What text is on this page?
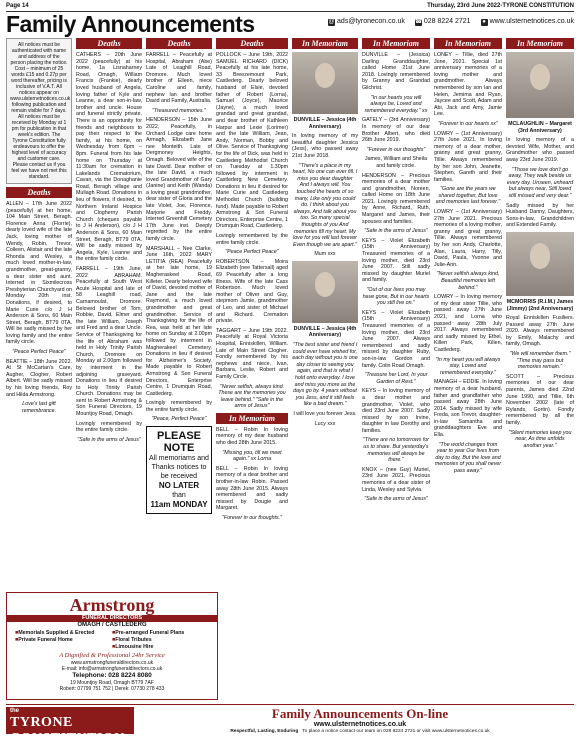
Page 14	Thursday, 23rd June 2022-TYRONE CONSTITUTION
Family Announcements	@ ads@tyronecon.co.uk ☎ 028 8224 2721 ● www.ulsternetnotices.co.uk
All notices must be authenticated with name and address of the person placing the notice. Cost – minimum of 25 words £15 and 0.27p per word thereafter, pricing is inclusive of V.A.T. All notices appear on www.ulsternetnotices.co.uk following publication and remain visible for 7 days. All notices must be received by Monday at 1 pm for publication in that week's edition. The Tyrone Constitution fully endeavours to offer the highest level of accuracy and customer care. Please contact us if you feel we have not met this standard.
Deaths

ALLEN – 17th June 2022 (peacefully) at her home, 104 Main Street, Beragh. Florence Anna (Florrie), dearly loved wife of the late Jack, loving mother of Wendy, Robin, Trevor, Colleen, Alistair and the late Rhonda and Wesley, a much loved mother-in-law, grandmother, great-granny, a dear sister and aunt. Interred in Sixmilecross Presbyterian Churchyard on Monday 20th inst. Donations, if desired, to Marie Curie c/o J H Anderson & Sons, 60 Main Street, Beragh, BT79 0TA. Will be sadly missed by her loving family and the entire family circle.

"Peace Perfect Peace"

BEATTIE – 18th June 2022. At St McCartan's Care, Augher, Clogher, Robert Albert. Will be sadly missed by his loving friends, Roy and Hilda Armstrong.

Love's last gift remembrance.

Deaths

CATHERS – 20th June 2022 (peacefully) at his home, 1a Lisnaharney Road, Omagh, William Francis (Frankie), dearly loved husband of Angela, loving father of Kyle and Leanne, a dear son-in-law, brother and uncle. House and funeral strictly private. There is an opportunity for friends and neighbours to pay their respect to the family, at his home, on Wednesday from 6pm – 8pm. Funeral from his late home on Thursday at 11:30am for cremation in Lakelands Crematorium, Cavan, via the Donaghanie Road, Beragh village and Mullagh Road. Donations in lieu of flowers, if desired, to Northern Ireland Hospice and Clogherny Parish Church (cheques payable to J H Anderson), c/o J H Anderson & Sons, 60 Main Street, Beragh, BT79 0TA. Will be sadly missed by Angela, Kyle, Leanne and the entire family circle.

FARRELL – 19th June, 2022 ABRAHAM. Peacefully at South West Acute Hospital and late of 58 Leaghill road, Carnamoulat, Dromore. Beloved brother of Tom, Robbie, David, Elmer and the late William, Joseph and Fred and a dear Uncle. Service of Thanksgiving for the life of Abraham was held in Holy Trinity Parish Church, Dromore on Monday at 2.00pm followed by interment in the adjoining graveyard. Donations in lieu if desired to Holy Trinity Parish Church. Donations may be sent to Robert Armstrong & Son Funeral Directors, 19 Mountjoy Road, Omagh.

Lovingly remembered by the entire family circle.

"Safe in the arms of Jesus"

Deaths

FARRELL – Peacefully at Hospital, Abraham (Abe) Late of Leaghill Road, Dromore. Much loved brother of Eileen, niece Caroline and family, nephew Ian and brother David and Family, Australia.

"Treasured memories."

HENDERSON – 15th June 2022, Peacefully, in Orchard Lodge care home Armagh, Elizabeth Jane nee Monteith. Late of Dergmoney Heights, Omagh. Beloved wife of the late David. Dear mother of the late David, a much loved Grandmother of Gary (Janine) and Keith (Wanda) a loving great grandmother, dear sister of Gloria and the late Violet, Joe, Florence, Marjorie and Freddy. Interred Greenhill Cemetery 17th June inst. Deeply regretted by the entire family circle.

MARSHALL – Nee Clarke, June 16th, 2022 MARY LETITIA (REA) Peacefully at her late home, 19 Magheraskeel Road, Killeter. Dearly beloved wife of David, devoted mother of Jane and the late Raymond, a much loved grandmother and great grandmother. Service of Thanksgiving for the life of Rea, was held at her late home on Sunday at 2.00pm followed by interment in Magherakeel Cemetery. Donations in lieu if desired for Alzheimer's Society. Made payable to Robert Armstrong & Son Funeral Directors, Enterprise Centre, 1 Drumquin Road, Castlederg.

Lovingly remembered by the entire family circle.

"Peace, Perfect Peace"

PLEASE NOTE
All memoriams and Thanks notices to be received
NO LATER
than
11am MONDAY
Deaths

POLLOCK – June 19th, 2022 SAMUEL RICHARD (DICK) Peacefully at his late home, 33 Breezemount Park, Castlederg. Dearly beloved husband of Elsie, devoted father of Robert (Lorna), Samuel (Joyce), Maurice (Jayne), a much loved grandad and great grandad, and dear brother of Kathleen Harpur and Lexie (Lorimer) and the late William, Jean, Andy, Norman, Bobby and Olive. Service of Thanksgiving for the life of Dick, was held in Castlederg Methodist Church on Tuesday at 1.30pm followed by interment in Castlederg New Cemetery. Donations in lieu if desired for Marie Curie and Castlederg Methodist Church (building fund). Made payable to Robert Armstrong & Son Funeral Directors, Enterprise Centre, 1 Drumquin Road, Castlederg.

Lovingly remembered by the entire family circle.

"Peace Perfect Peace"

ROBERTSON – Moira Elizabeth (nee Tattersall) aged 69 Peacefully after a long illness. Wife of the late Cass Robertson. Much loved mother of Oliver and Guy, stepmom Jamie, grandmother of Leo, and sister of Michael and Richard. Cremation private.

TAGGART – June 19th 2022. Peacefully at Royal Victoria Hospital, Enniskillen, William. Late of Main Street Clogher. Fondly remembered by his nephews and niece, Ivan, Barbara, Leslie, Robert and Family Circle.

"Never selfish, always kind. These are the memories you leave behind." "Safe in the arms of Jesus"

In Memoriam

BELL – Robin In loving memory of my dear husband who died 28th June 2015.

"Missing you, till we meet again." xx Lorna

BELL – Robin In loving memory of a dear brother and brother-in-law Robin. Passed away 28th June 2015. Always remembered and sadly missed by Dougie and Margaret.

"Forever in our thoughts."

In Memoriam

DUNVILLE – Jessica (4th Anniversary)

In loving memory of my beautiful daughter Jessica (Jess), who passed away 21st June 2018.

"There's a place in my heart, No one can ever fill. I miss you dear daughter And I always will. You touched the hearts of so many, Like only you could do. I think about you always, And talk about you too. So many special thoughts of you And memories fill my heart. My love for you will last forever Even though we are apart."

Mum xxx

DUNVILLE – Jessica (4th Anniversary)

"The best sister and friend I could ever have wished for, each day without you is one day closer to seeing you again, and that is what I hold onto everyday. I love and miss you more as the days go by. 4 years without you Jess, and it still feels like a bad dream."

I will love you forever Jess.

Lucy xxx

In Memoriam

DUNVILLE – (Jessica) Darling Granddaughter, called Home 21st June 2018. Lovingly remembered by Granny and Grandad Gilchrist.

"In our hearts you will always be, Loved and remembered everyday." xx

GATELY – (3rd Anniversary) In memory of our dear Brother Albert, who died 26th June 2019.

"Forever in our thoughts"

James, William and Sheila and family circle.

HENDERSON – Precious memories of a dear mother and grandmother, Noreen, called Home on 18th June 2021. Lovingly remembered by Anne, Richard, Ruth, Margaret and James, their spouses and families.

"Safe in the arms of Jesus"

KEYS – Violet Elizabeth (15th Anniversary) Treasured memories of a loving mother, died 23rd June 2007. Still sadly missed by daughter Muriel and family.

"Out of our lives you may have gone, But in our hearts you still live on."

KEYS – Violet Elizabeth (15th Anniversary) Treasured memories of a loving mother, died 23rd June 2007. Always remembered and sadly missed by daughter Ruby, son-in-law Gordon and family. Colin Road Omagh.

"Treasure her Lord, In your Garden of Rest."

KEYS – In loving memory of a dear mother and grandmother, Violet, who died 23rd June 2007. Sadly missed by son Irvine, daughter in law Dorothy and families.

"There are no tomorrows for us to share. But yesterday's memories will always be there."

KNOX – (nee Guy) Muriel, 23rd June 2021. Precious memories of a dear sister of Linda, Wesley and Sylvia.

"Safe in the arms of Jesus"

In Memoriam

LONEY – Tillie, died 27th June, 2021. Special 1st anniversary memories of a loving mother and grandmother. Always remembered by son Ian and Helen, Jemima and Ryan, Jaycee and Scott, Adam and Abi, Jack and Amy, Jamie Lee.

"Forever in our hearts xx"

LOWRY – (1st Anniversary) 27th June 2021. In loving memory of a dear mother, granny and great granny, Tillie. Always remembered by her son John, Jeanette, Stephen, Gareth and their families.

"Gone are the years we shared together, But love and memories last forever."

LOWRY – (1st Anniversary) 27th June 2021. Precious memories of a loving mother, granny and great granny, Tillie. Always remembered by her son Andy, Charlotte, Alan, Laura, Harry, Tilly, David, Paula, Yvonne and Julie-Ann.

"Never selfish always kind, Beautiful memories left behind."

LOWRY – In loving memory of my dear sister Tillie, who passed away 27th June 2021, and Lorna who passed away 28th July 2017. Always remembered and sadly missed by Ethel, Killen Park, Killen, Castlederg.

"In my heart you will always stay, Loved and remembered everyday."

MANAGH – EDDIE. In loving memory of a dear husband, father and grandfather who passed away 28th June 2014. Sadly missed by wife Freda, son Trevor, daughter-in-law Samantha and granddaughters Eve and Ella.

"The world changes from year to year Our lives from day to day, But the love and memories of you shall never pass away."

In Memoriam

MCLAUGHLIN – Margaret (3rd Anniversary)

In loving memory of a devoted Wife, Mother, and Grandmother who passed away 23rd June 2019.

"Those we love don't go away, They walk beside us every day. Unseen, unheard but always near, Still loved still missed and very dear."

Sadly missed by her Husband Danny, Daughters, Sons-in-law, Grandchildren and Extended Family.

MCMORRIS (R.I.M.) James (Jimmy) (2nd Anniversary)

Royal Enniskillen Fusiliers. Passed away 27th June 2020. Always remembered by Emily, Malachy and family, Omagh.

"We will remember them." "Time may pass but memories remain."

SCOTT – Precious memories of our dear parents, James died 22nd June 1990, and Tillie, 6th November 2002 (late of Rylands, Gortin). Fondly remembered by all the family.

"Silent memories keep you near, As time unfolds another year."

Armstrong
FUNERAL DIRECTORS
OMAGH / CASTLEDERG
■ Memorials Supplied & Erected	■ Pre-arranged Funeral Plans
■ Private Funeral Home	■ Floral Tributes
■ Limousine Hire
A Dignified & Professional 24hr Service
www.armstrongfuneraldirectors.co.uk
E-mail: info@armstrongfuneraldirectors.co.uk
Telephone: 028 8224 8080
19 Mountjoy Road, Omagh BT79 7AF
Robert: 07799 751 752 | Derek: 07730 278 433
the
TYRONE CONSTITUTION
Family Announcements On-line
www.ulsternetnotices.co.uk
Respectful, Lasting, Enduring To place a notice contact our team on 028 8224 2721 or visit www.ulsternetnotices.co.uk
